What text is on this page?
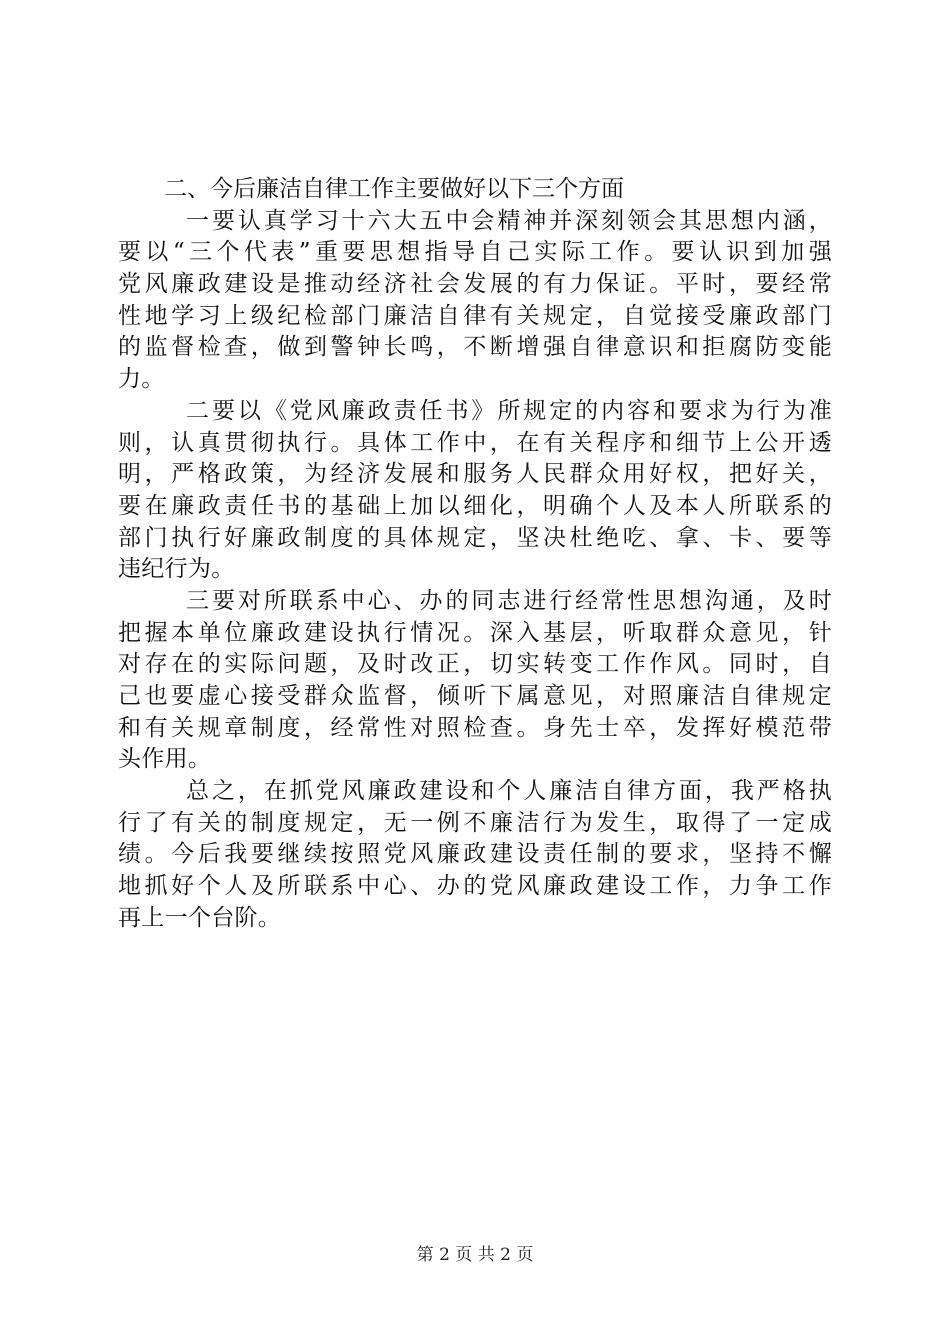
二、今后廉洁自律工作主要做好以下三个方面
一要认真学习十六大五中会精神并深刻领会其思想内涵，
要以“三个代表”重要思想指导自己实际工作。要认识到加强
党风廉政建设是推动经济社会发展的有力保证。平时，要经常
性地学习上级纪检部门廉洁自律有关规定，自觉接受廉政部门
的监督检查，做到警钟长鸣，不断增强自律意识和拒腐防变能
力。
二要以《党风廉政责任书》所规定的内容和要求为行为准
则，认真贯彻执行。具体工作中，在有关程序和细节上公开透
明，严格政策，为经济发展和服务人民群众用好权，把好关，
要在廉政责任书的基础上加以细化，明确个人及本人所联系的
部门执行好廉政制度的具体规定，坚决杜绝吃、拿、卡、要等
违纪行为。
三要对所联系中心、办的同志进行经常性思想沟通，及时
把握本单位廉政建设执行情况。深入基层，听取群众意见，针
对存在的实际问题，及时改正，切实转变工作作风。同时，自
己也要虚心接受群众监督，倾听下属意见，对照廉洁自律规定
和有关规章制度，经常性对照检查。身先士卒，发挥好模范带
头作用。
总之，在抓党风廉政建设和个人廉洁自律方面，我严格执
行了有关的制度规定，无一例不廉洁行为发生，取得了一定成
绩。今后我要继续按照党风廉政建设责任制的要求，坚持不懈
地抓好个人及所联系中心、办的党风廉政建设工作，力争工作
再上一个台阶。
第 2 页 共 2 页
